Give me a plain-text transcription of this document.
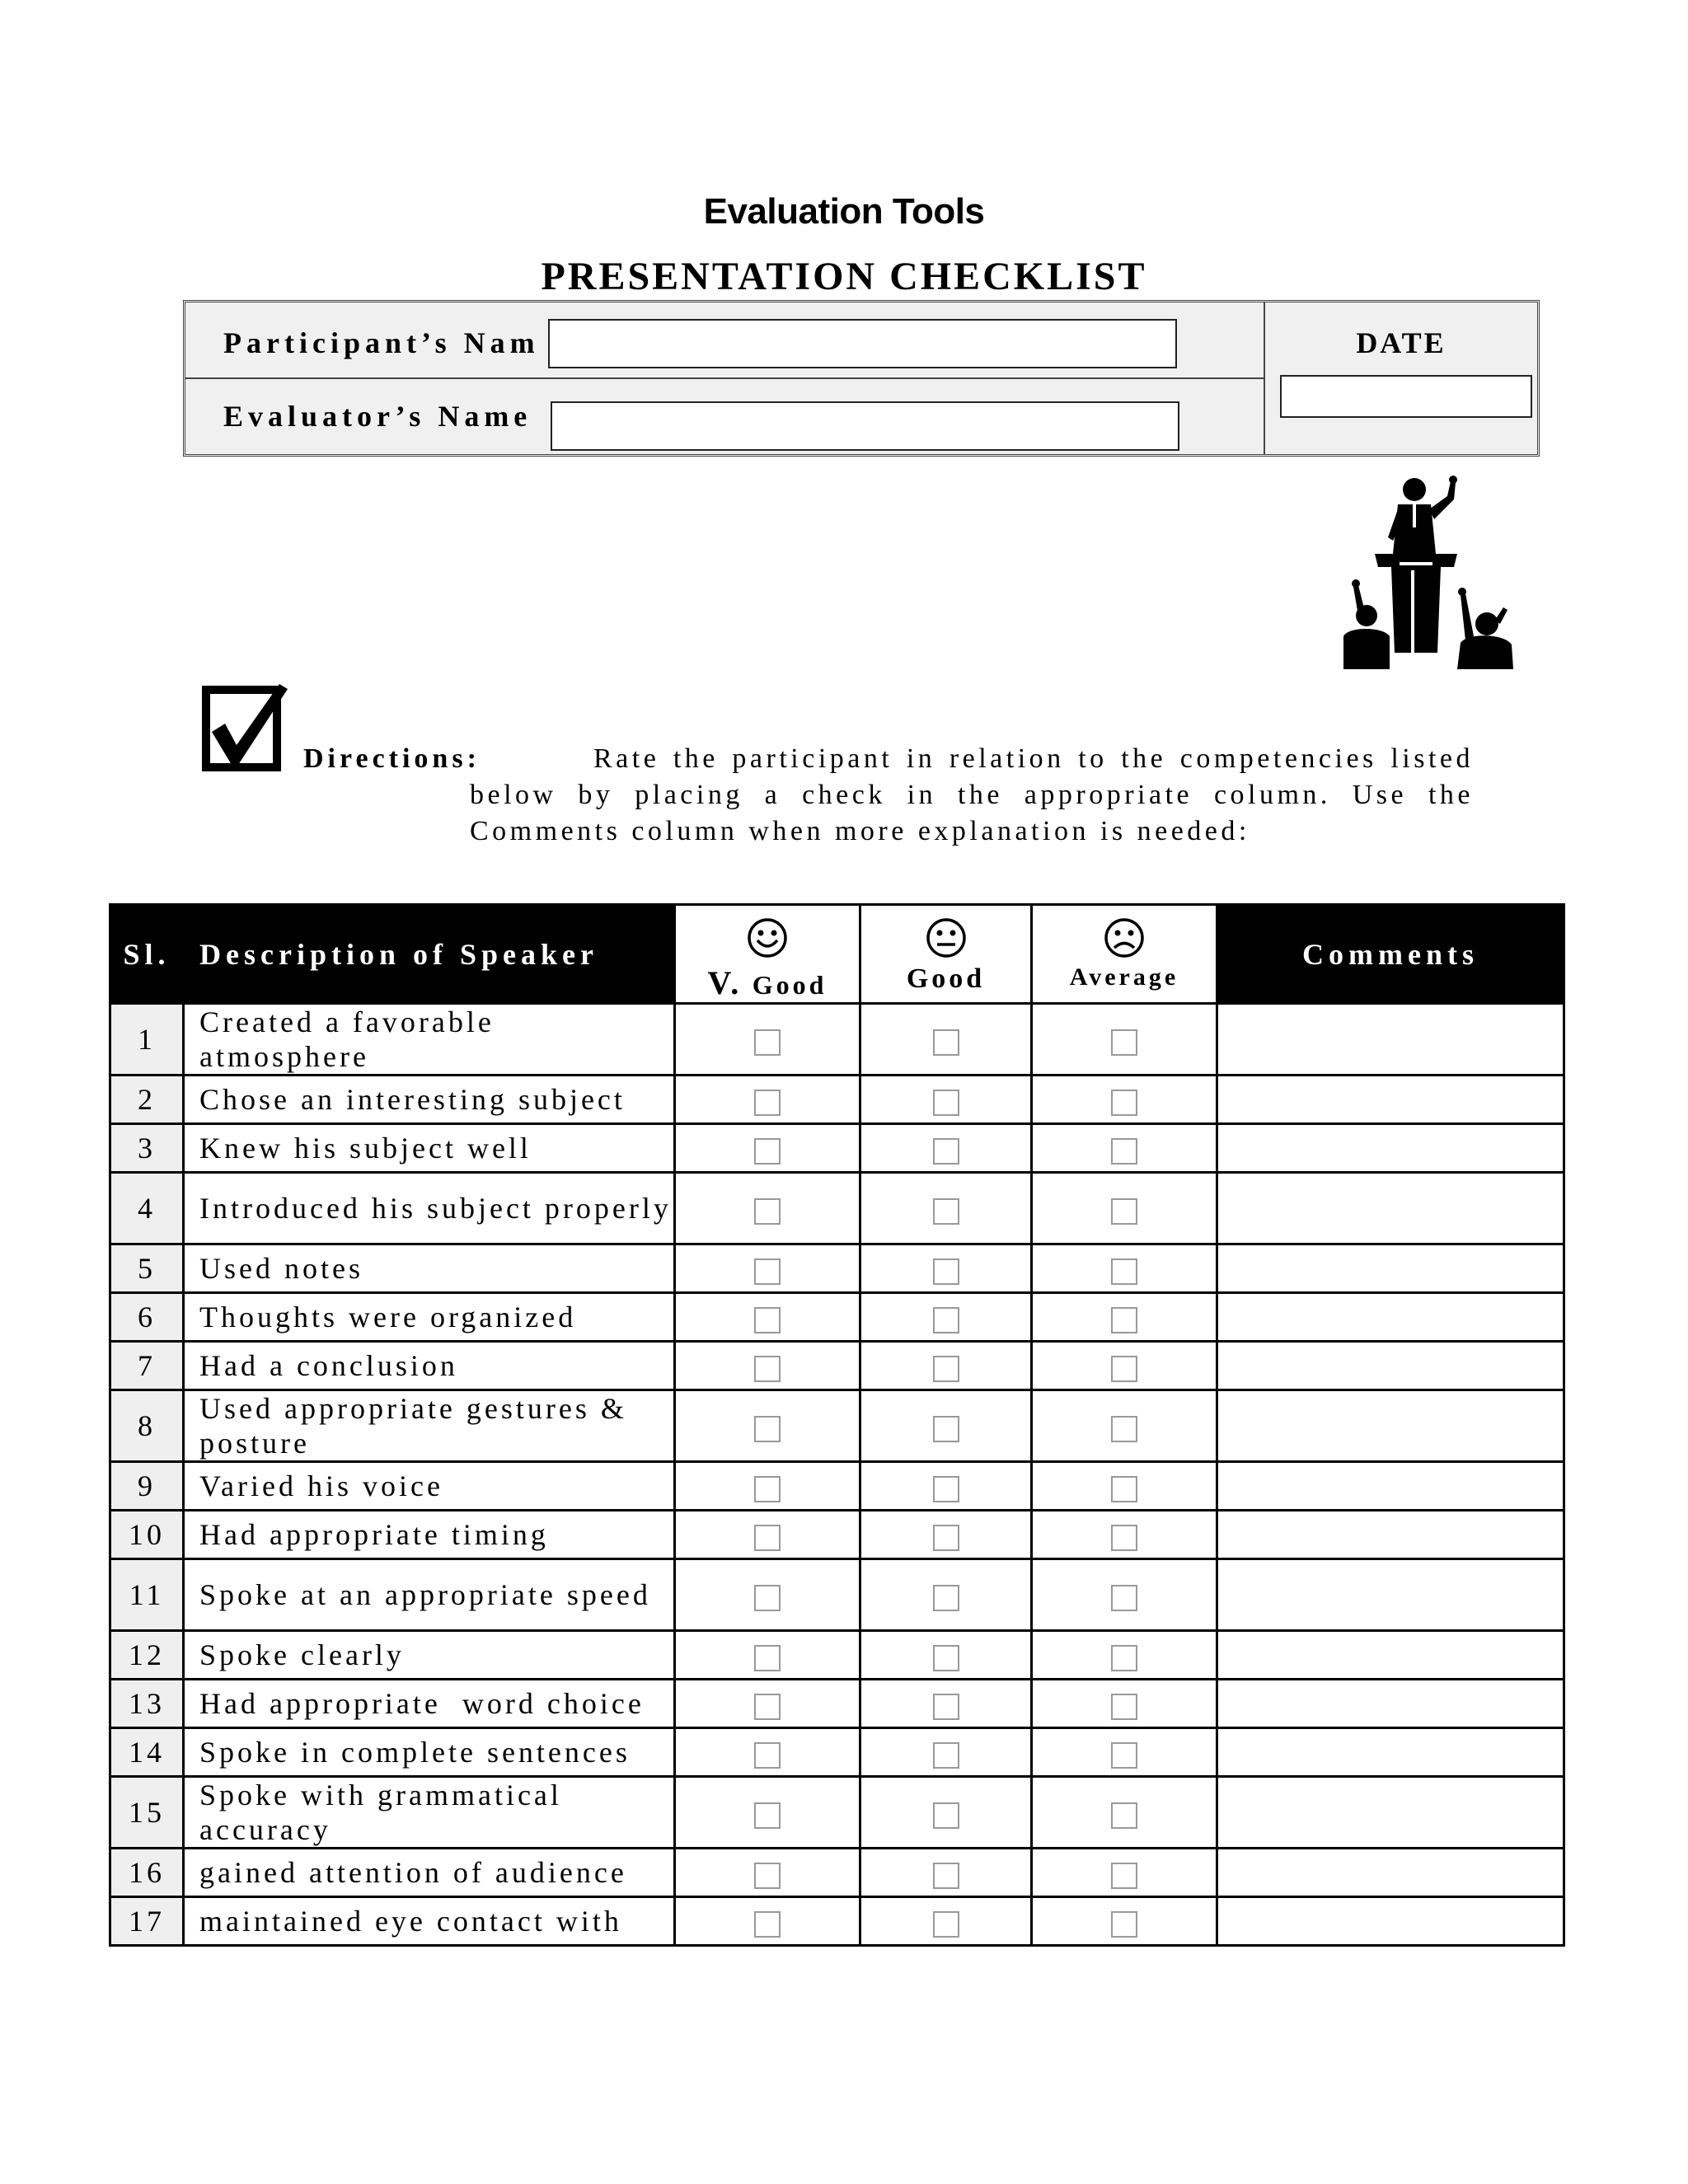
Evaluation Tools
PRESENTATION CHECKLIST
Participant’s Nam
Evaluator’s Name
DATE
Directions:	Rate the participant in relation to the competencies listed
below by placing a check in the appropriate column. Use the
Comments column when more explanation is needed:
Sl.	Description of Speaker	V. Good	Good	Average	Comments
1	Created a favorable atmosphere				
2	Chose an interesting subject				
3	Knew his subject well				
4	Introduced his subject properly				
5	Used notes				
6	Thoughts were organized				
7	Had a conclusion				
8	Used appropriate gestures & posture				
9	Varied his voice				
10	Had appropriate timing				
11	Spoke at an appropriate speed				
12	Spoke clearly				
13	Had appropriate  word choice				
14	Spoke in complete sentences				
15	Spoke with grammatical accuracy				
16	gained attention of audience				
17	maintained eye contact with				
